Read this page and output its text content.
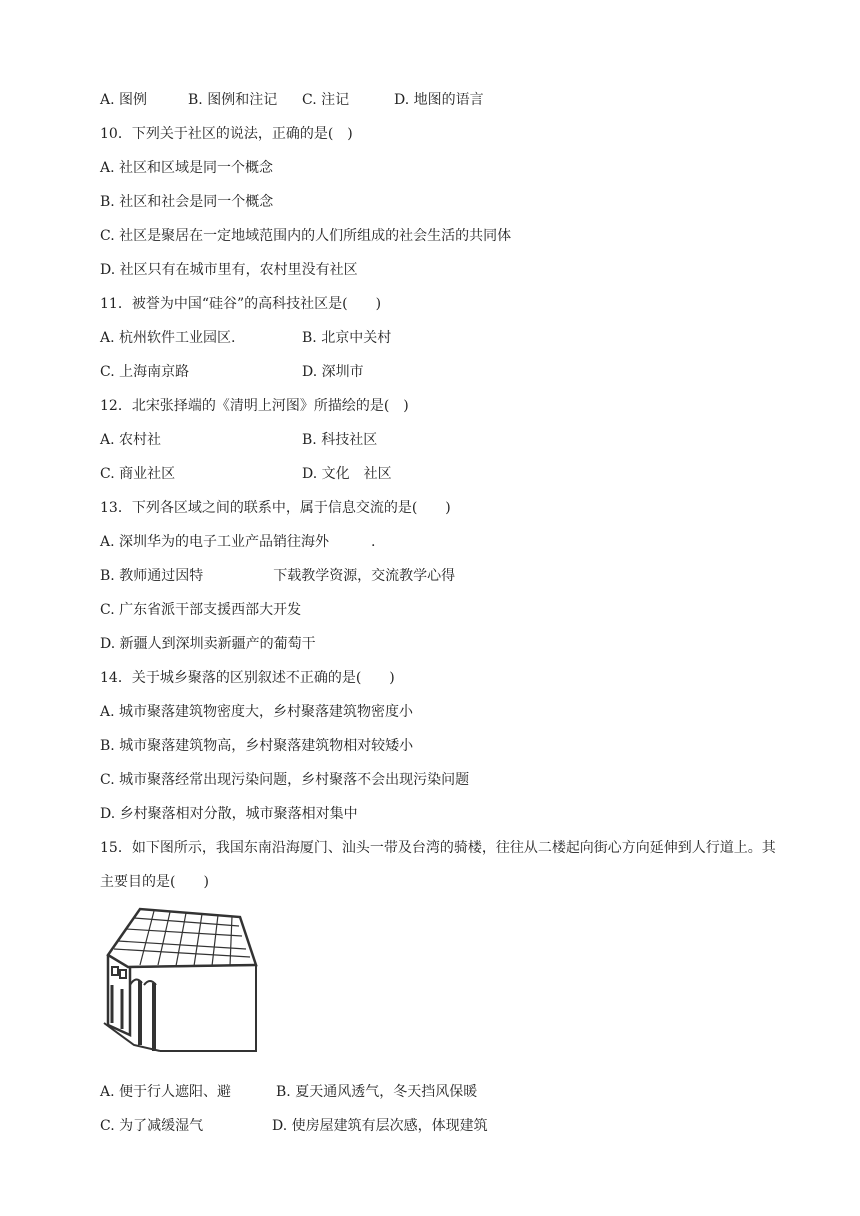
A. 图例	B. 图例和注记 C. 注记	D. 地图的语言
10．下列关于社区的说法，正确的是(　)
A. 社区和区域是同一个概念
B. 社区和社会是同一个概念
C. 社区是聚居在一定地域范围内的人们所组成的社会生活的共同体
D. 社区只有在城市里有，农村里没有社区
11．被誉为中国“硅谷”的高科技社区是(　　)
A. 杭州软件工业园区.	B. 北京中关村
C. 上海南京路	D. 深圳市
12．北宋张择端的《清明上河图》所描绘的是(　)
A. 农村社	B. 科技社区
C. 商业社区	D. 文化　社区
13．下列各区域之间的联系中，属于信息交流的是(　　)
A. 深圳华为的电子工业产品销往海外　　　.
B. 教师通过因特　　　　　下载教学资源，交流教学心得
C. 广东省派干部支援西部大开发
D. 新疆人到深圳卖新疆产的葡萄干
14．关于城乡聚落的区别叙述不正确的是(　　)
A. 城市聚落建筑物密度大，乡村聚落建筑物密度小
B. 城市聚落建筑物高，乡村聚落建筑物相对较矮小
C. 城市聚落经常出现污染问题，乡村聚落不会出现污染问题
D. 乡村聚落相对分散，城市聚落相对集中
15．如下图所示，我国东南沿海厦门、汕头一带及台湾的骑楼，往往从二楼起向街心方向延伸到人行道上。其主要目的是(　　)
A. 便于行人遮阳、避	B. 夏天通风透气，冬天挡风保暖
C. 为了减缓湿气	D. 使房屋建筑有层次感，体现建筑
